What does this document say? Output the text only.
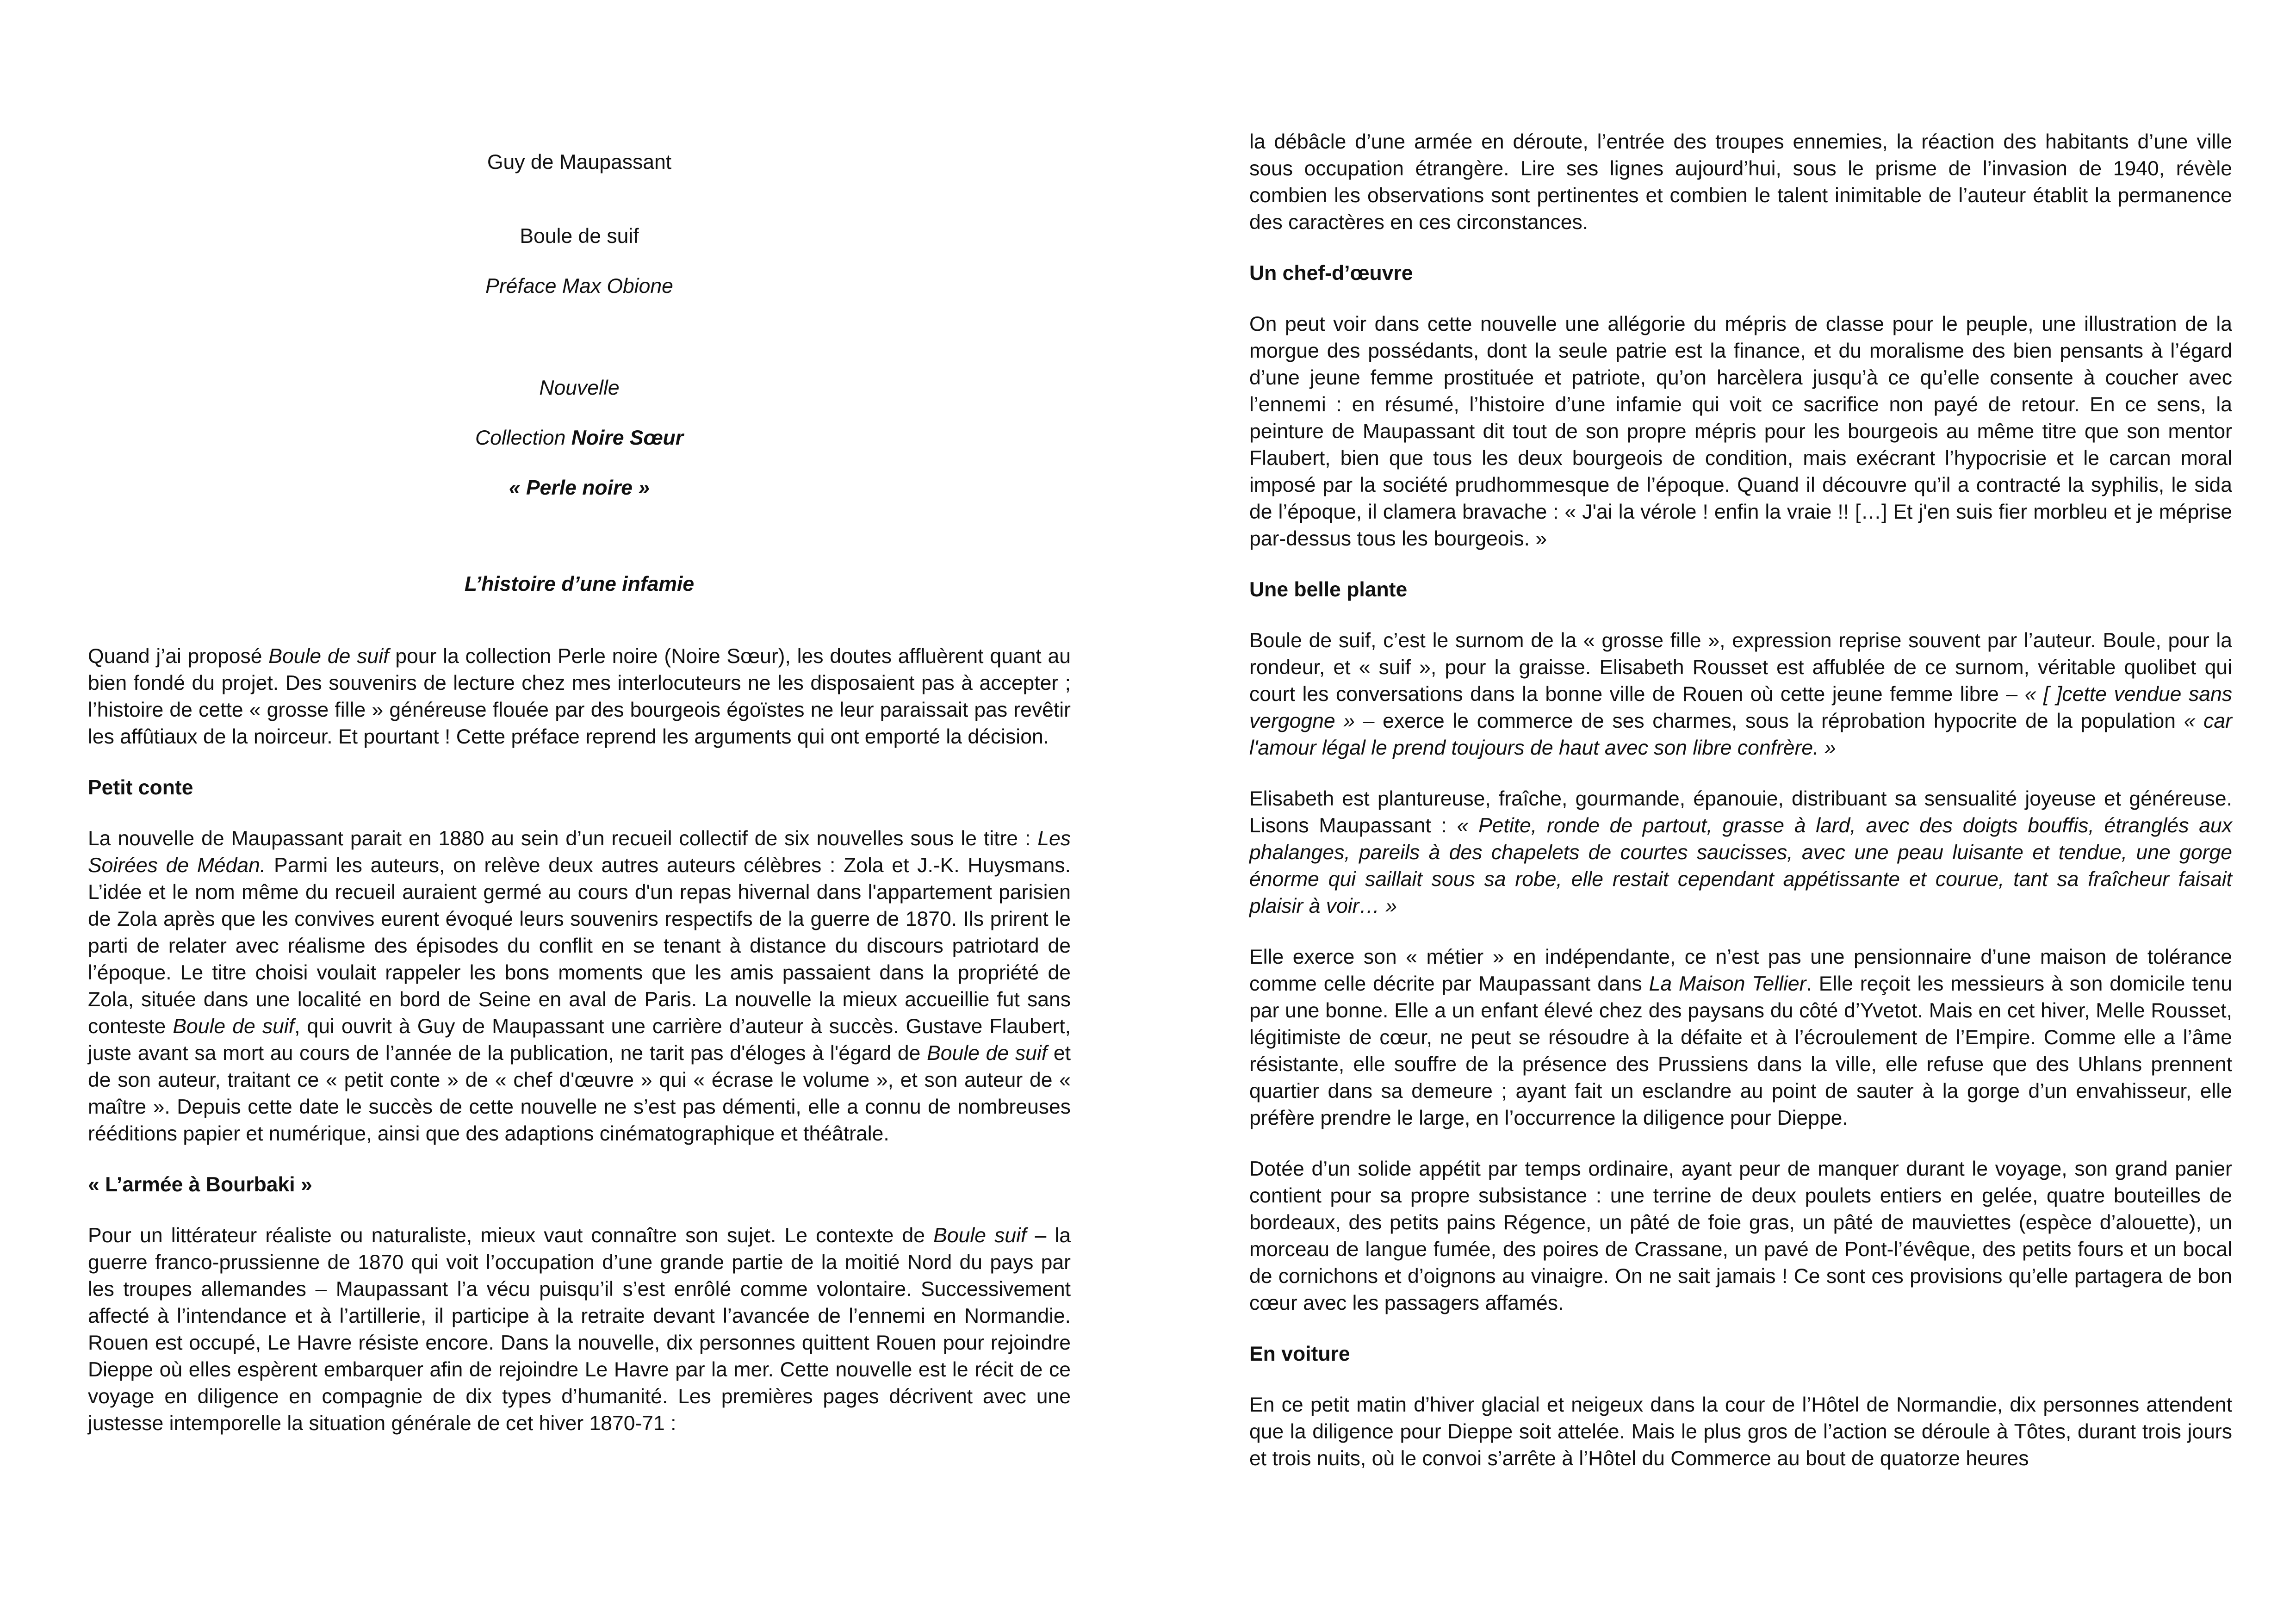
Guy de Maupassant

Boule de suif

Préface Max Obione

Nouvelle

Collection Noire Sœur

« Perle noire »

L’histoire d’une infamie

Quand j’ai proposé Boule de suif pour la collection Perle noire (Noire Sœur), les doutes affluèrent quant au bien fondé du projet. Des souvenirs de lecture chez mes interlocuteurs ne les disposaient pas à accepter ; l’histoire de cette « grosse fille » généreuse flouée par des bourgeois égoïstes ne leur paraissait pas revêtir les affûtiaux de la noirceur. Et pourtant ! Cette préface reprend les arguments qui ont emporté la décision.

Petit conte

La nouvelle de Maupassant parait en 1880 au sein d’un recueil collectif de six nouvelles sous le titre : Les Soirées de Médan. Parmi les auteurs, on relève deux autres auteurs célèbres : Zola et J.-K. Huysmans. L’idée et le nom même du recueil auraient germé au cours d'un repas hivernal dans l'appartement parisien de Zola après que les convives eurent évoqué leurs souvenirs respectifs de la guerre de 1870. Ils prirent le parti de relater avec réalisme des épisodes du conflit en se tenant à distance du discours patriotard de l’époque. Le titre choisi voulait rappeler les bons moments que les amis passaient dans la propriété de Zola, située dans une localité en bord de Seine en aval de Paris. La nouvelle la mieux accueillie fut sans conteste Boule de suif, qui ouvrit à Guy de Maupassant une carrière d’auteur à succès. Gustave Flaubert, juste avant sa mort au cours de l’année de la publication, ne tarit pas d'éloges à l'égard de Boule de suif et de son auteur, traitant ce « petit conte » de « chef d'œuvre » qui « écrase le volume », et son auteur de « maître ». Depuis cette date le succès de cette nouvelle ne s’est pas démenti, elle a connu de nombreuses rééditions papier et numérique, ainsi que des adaptions cinématographique et théâtrale.

« L’armée à Bourbaki »

Pour un littérateur réaliste ou naturaliste, mieux vaut connaître son sujet. Le contexte de Boule suif – la guerre franco-prussienne de 1870 qui voit l’occupation d’une grande partie de la moitié Nord du pays par les troupes allemandes – Maupassant l’a vécu puisqu’il s’est enrôlé comme volontaire. Successivement affecté à l’intendance et à l’artillerie, il participe à la retraite devant l’avancée de l’ennemi en Normandie. Rouen est occupé, Le Havre résiste encore. Dans la nouvelle, dix personnes quittent Rouen pour rejoindre Dieppe où elles espèrent embarquer afin de rejoindre Le Havre par la mer. Cette nouvelle est le récit de ce voyage en diligence en compagnie de dix types d’humanité. Les premières pages décrivent avec une justesse intemporelle la situation générale de cet hiver 1870-71 :

la débâcle d’une armée en déroute, l’entrée des troupes ennemies, la réaction des habitants d’une ville sous occupation étrangère. Lire ses lignes aujourd’hui, sous le prisme de l’invasion de 1940, révèle combien les observations sont pertinentes et combien le talent inimitable de l’auteur établit la permanence des caractères en ces circonstances.

Un chef-d’œuvre

On peut voir dans cette nouvelle une allégorie du mépris de classe pour le peuple, une illustration de la morgue des possédants, dont la seule patrie est la finance, et du moralisme des bien pensants à l’égard d’une jeune femme prostituée et patriote, qu’on harcèlera jusqu’à ce qu’elle consente à coucher avec l’ennemi : en résumé, l’histoire d’une infamie qui voit ce sacrifice non payé de retour. En ce sens, la peinture de Maupassant dit tout de son propre mépris pour les bourgeois au même titre que son mentor Flaubert, bien que tous les deux bourgeois de condition, mais exécrant l’hypocrisie et le carcan moral imposé par la société prudhommesque de l’époque. Quand il découvre qu’il a contracté la syphilis, le sida de l’époque, il clamera bravache : « J'ai la vérole ! enfin la vraie !! […] Et j'en suis fier morbleu et je méprise par-dessus tous les bourgeois. »

Une belle plante

Boule de suif, c’est le surnom de la « grosse fille », expression reprise souvent par l’auteur. Boule, pour la rondeur, et « suif », pour la graisse. Elisabeth Rousset est affublée de ce surnom, véritable quolibet qui court les conversations dans la bonne ville de Rouen où cette jeune femme libre – « [ ]cette vendue sans vergogne » – exerce le commerce de ses charmes, sous la réprobation hypocrite de la population « car l'amour légal le prend toujours de haut avec son libre confrère. »

Elisabeth est plantureuse, fraîche, gourmande, épanouie, distribuant sa sensualité joyeuse et généreuse. Lisons Maupassant : « Petite, ronde de partout, grasse à lard, avec des doigts bouffis, étranglés aux phalanges, pareils à des chapelets de courtes saucisses, avec une peau luisante et tendue, une gorge énorme qui saillait sous sa robe, elle restait cependant appétissante et courue, tant sa fraîcheur faisait plaisir à voir… »

Elle exerce son « métier » en indépendante, ce n’est pas une pensionnaire d’une maison de tolérance comme celle décrite par Maupassant dans La Maison Tellier. Elle reçoit les messieurs à son domicile tenu par une bonne. Elle a un enfant élevé chez des paysans du côté d’Yvetot. Mais en cet hiver, Melle Rousset, légitimiste de cœur, ne peut se résoudre à la défaite et à l’écroulement de l’Empire. Comme elle a l’âme résistante, elle souffre de la présence des Prussiens dans la ville, elle refuse que des Uhlans prennent quartier dans sa demeure ; ayant fait un esclandre au point de sauter à la gorge d’un envahisseur, elle préfère prendre le large, en l’occurrence la diligence pour Dieppe.

Dotée d’un solide appétit par temps ordinaire, ayant peur de manquer durant le voyage, son grand panier contient pour sa propre subsistance : une terrine de deux poulets entiers en gelée, quatre bouteilles de bordeaux, des petits pains Régence, un pâté de foie gras, un pâté de mauviettes (espèce d’alouette), un morceau de langue fumée, des poires de Crassane, un pavé de Pont-l’évêque, des petits fours et un bocal de cornichons et d’oignons au vinaigre. On ne sait jamais ! Ce sont ces provisions qu’elle partagera de bon cœur avec les passagers affamés.

En voiture

En ce petit matin d’hiver glacial et neigeux dans la cour de l’Hôtel de Normandie, dix personnes attendent que la diligence pour Dieppe soit attelée. Mais le plus gros de l’action se déroule à Tôtes, durant trois jours et trois nuits, où le convoi s’arrête à l’Hôtel du Commerce au bout de quatorze heures
